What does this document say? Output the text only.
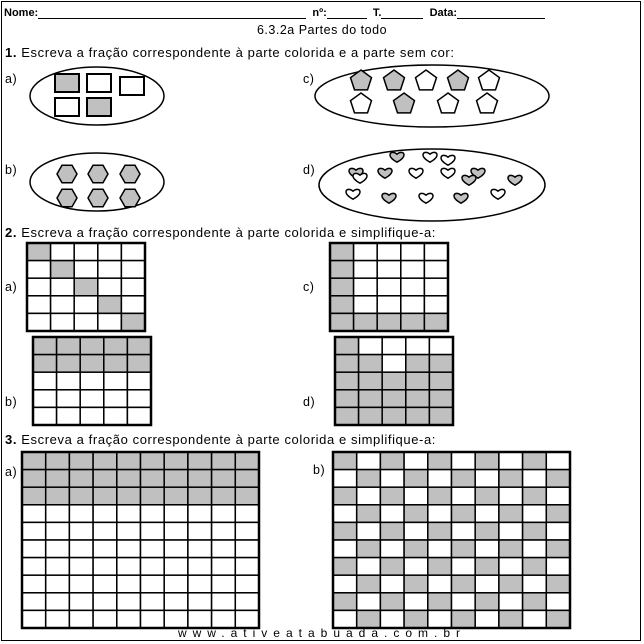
Nome:	nº:	T.	Data:
6.3.2a Partes do todo
1. Escreva a fração correspondente à parte colorida e a parte sem cor:
2. Escreva a fração correspondente à parte colorida e simplifique-a:
3. Escreva a fração correspondente à parte colorida e simplifique-a:
a)	c)
b)	d)
a)	c)
b)	d)
a)	b)
www.ativeatabuada.com.br
